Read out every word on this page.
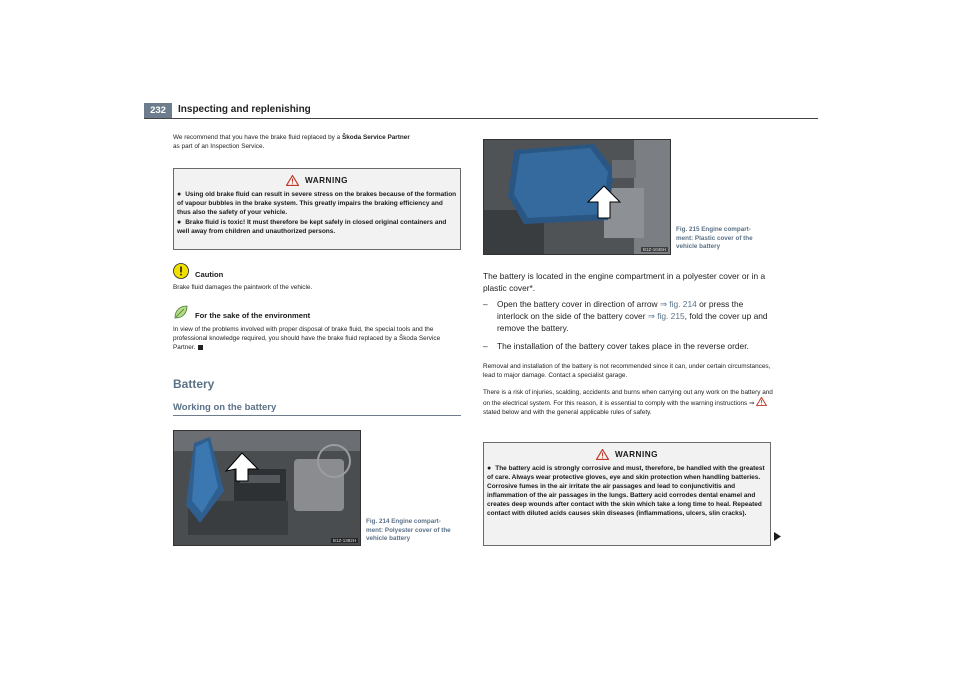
232	Inspecting and replenishing
We recommend that you have the brake fluid replaced by a Škoda Service Partner
as part of an Inspection Service.
WARNING

● Using old brake fluid can result in severe stress on the brakes because of the formation of vapour bubbles in the brake system. This greatly impairs the braking efficiency and thus also the safety of your vehicle.

● Brake fluid is toxic! It must therefore be kept safely in closed original containers and well away from children and unauthorized persons.

Caution
Brake fluid damages the paintwork of the vehicle.
For the sake of the environment
In view of the problems involved with proper disposal of brake fluid, the special tools and the professional knowledge required, you should have the brake fluid replaced by a Škoda Service Partner.
Battery
Working on the battery
B1Z-1382H
Fig. 214 Engine compart-
ment: Polyester cover of the
vehicle battery
B1Z-1046H
Fig. 215 Engine compart-
ment: Plastic cover of the
vehicle battery
The battery is located in the engine compartment in a polyester cover or in a plastic cover*.
–	Open the battery cover in direction of arrow ⇒ fig. 214 or press the interlock on the side of the battery cover ⇒ fig. 215, fold the cover up and remove the battery.
–	The installation of the battery cover takes place in the reverse order.
Removal and installation of the battery is not recommended since it can, under certain circumstances, lead to major damage. Contact a specialist garage.
There is a risk of injuries, scalding, accidents and burns when carrying out any work on the battery and on the electrical system. For this reason, it is essential to comply with the warning instructions ⇒  stated below and with the general applicable rules of safety.
WARNING

● The battery acid is strongly corrosive and must, therefore, be handled with the greatest of care. Always wear protective gloves, eye and skin protection when handling batteries. Corrosive fumes in the air irritate the air passages and lead to conjunctivitis and inflammation of the air passages in the lungs. Battery acid corrodes dental enamel and creates deep wounds after contact with the skin which take a long time to heal. Repeated contact with diluted acids causes skin diseases (inflammations, ulcers, slin cracks).
